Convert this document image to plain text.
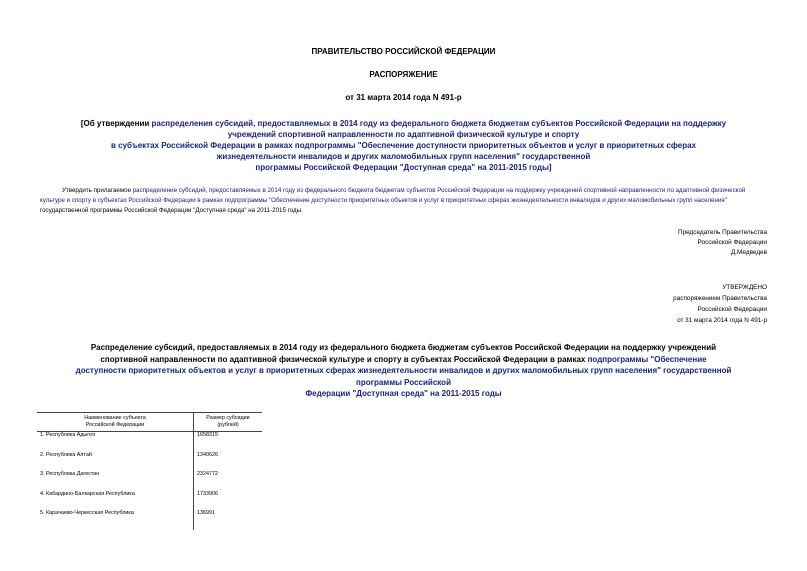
ПРАВИТЕЛЬСТВО РОССИЙСКОЙ ФЕДЕРАЦИИ
РАСПОРЯЖЕНИЕ
от 31 марта 2014 года N 491-р
[Об утверждении распределения субсидий, предоставляемых в 2014 году из федерального бюджета бюджетам субъектов Российской Федерации на поддержку
учреждений спортивной направленности по адаптивной физической культуре и спорту
в субъектах Российской Федерации в рамках подпрограммы "Обеспечение доступности приоритетных объектов и услуг в приоритетных сферах
жизнедеятельности инвалидов и других маломобильных групп населения" государственной
программы Российской Федерации "Доступная среда" на 2011-2015 годы]
Утвердить прилагаемое распределение субсидий, предоставляемых в 2014 году из федерального бюджета бюджетам субъектов Российской Федерации на поддержку учреждений спортивной направленности по адаптивной физической культуре и спорту в субъектах Российской Федерации в рамках подпрограммы "Обеспечение доступности приоритетных объектов и услуг в приоритетных сферах жизнедеятельности инвалидов и других маломобильных групп населения" государственной программы Российской Федерации "Доступная среда" на 2011-2015 годы.
Председатель Правительства
Российской Федерации
Д.Медведев
УТВЕРЖДЕНО
распоряжением Правительства
Российской Федерации
от 31 марта 2014 года N 491-р
Распределение субсидий, предоставляемых в 2014 году из федерального бюджета бюджетам субъектов Российской Федерации на поддержку учреждений
спортивной направленности по адаптивной физической культуре и спорту в субъектах Российской Федерации в рамках подпрограммы "Обеспечение
доступности приоритетных объектов и услуг в приоритетных сферах жизнедеятельности инвалидов и других маломобильных групп населения" государственной
программы Российской
Федерации "Доступная среда" на 2011-2015 годы
Наименование субъекта
Российской Федерации	Размер субсидии
(рублей)

1. Республика Адыгея	1658315
2. Республика Алтай	1340626
3. Республика Дагестан	2324772
4. Кабардино-Балкарская Республика	1733906
5. Карачаево-Черкесская Республика	136991
